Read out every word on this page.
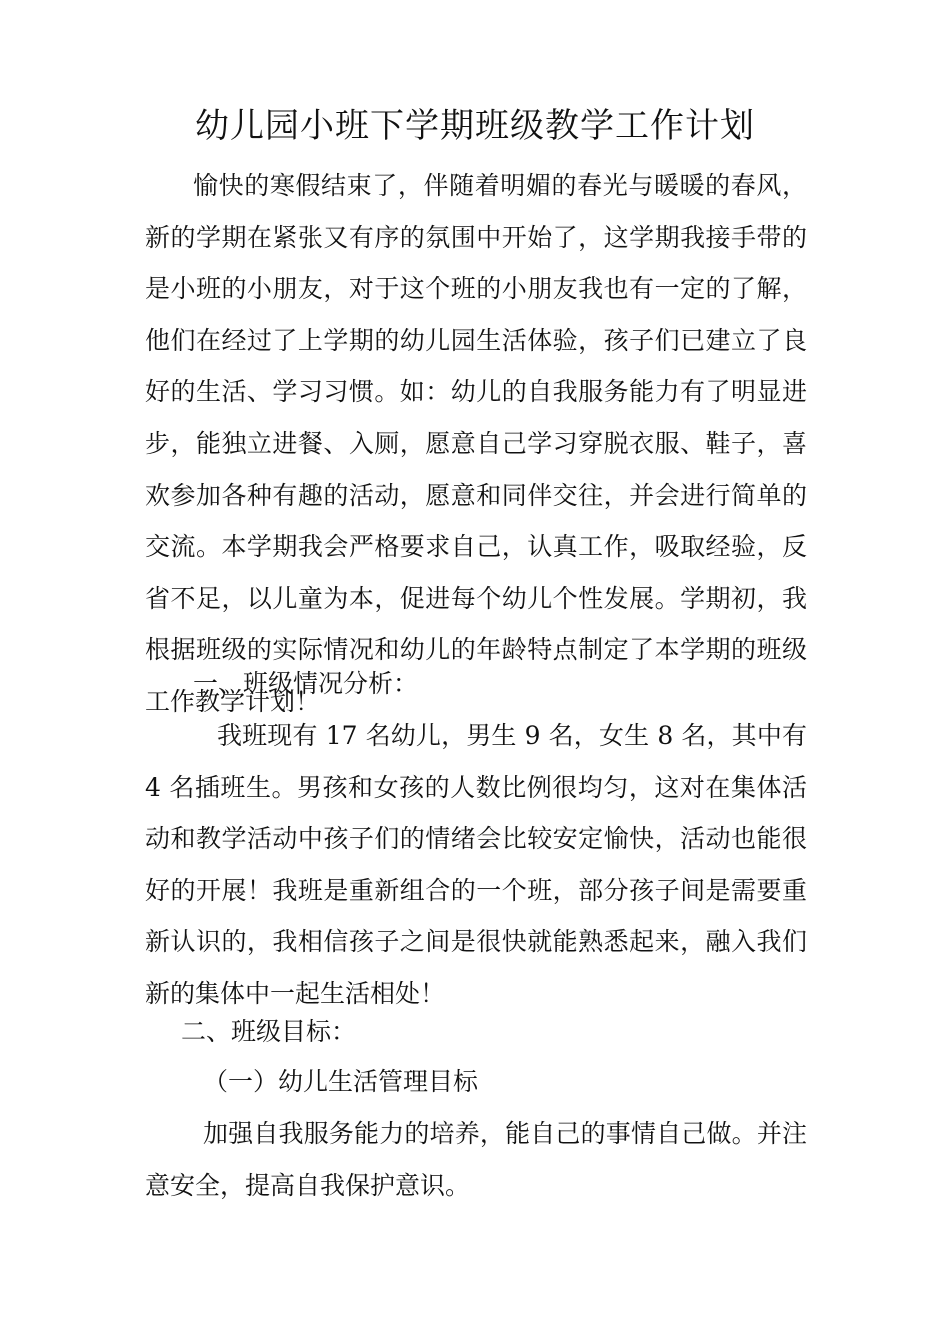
幼儿园小班下学期班级教学工作计划

愉快的寒假结束了，伴随着明媚的春光与暖暖的春风，新的学期在紧张又有序的氛围中开始了，这学期我接手带的是小班的小朋友，对于这个班的小朋友我也有一定的了解，他们在经过了上学期的幼儿园生活体验，孩子们已建立了良好的生活、学习习惯。如：幼儿的自我服务能力有了明显进步，能独立进餐、入厕，愿意自己学习穿脱衣服、鞋子，喜欢参加各种有趣的活动，愿意和同伴交往，并会进行简单的交流。本学期我会严格要求自己，认真工作，吸取经验，反省不足，以儿童为本，促进每个幼儿个性发展。学期初，我根据班级的实际情况和幼儿的年龄特点制定了本学期的班级工作教学计划！

一、班级情况分析：

我班现有 17 名幼儿，男生 9 名，女生 8 名，其中有 4 名插班生。男孩和女孩的人数比例很均匀，这对在集体活动和教学活动中孩子们的情绪会比较安定愉快，活动也能很好的开展！我班是重新组合的一个班，部分孩子间是需要重新认识的，我相信孩子之间是很快就能熟悉起来，融入我们新的集体中一起生活相处！

二、班级目标：

（一）幼儿生活管理目标

加强自我服务能力的培养，能自己的事情自己做。并注意安全，提高自我保护意识。
